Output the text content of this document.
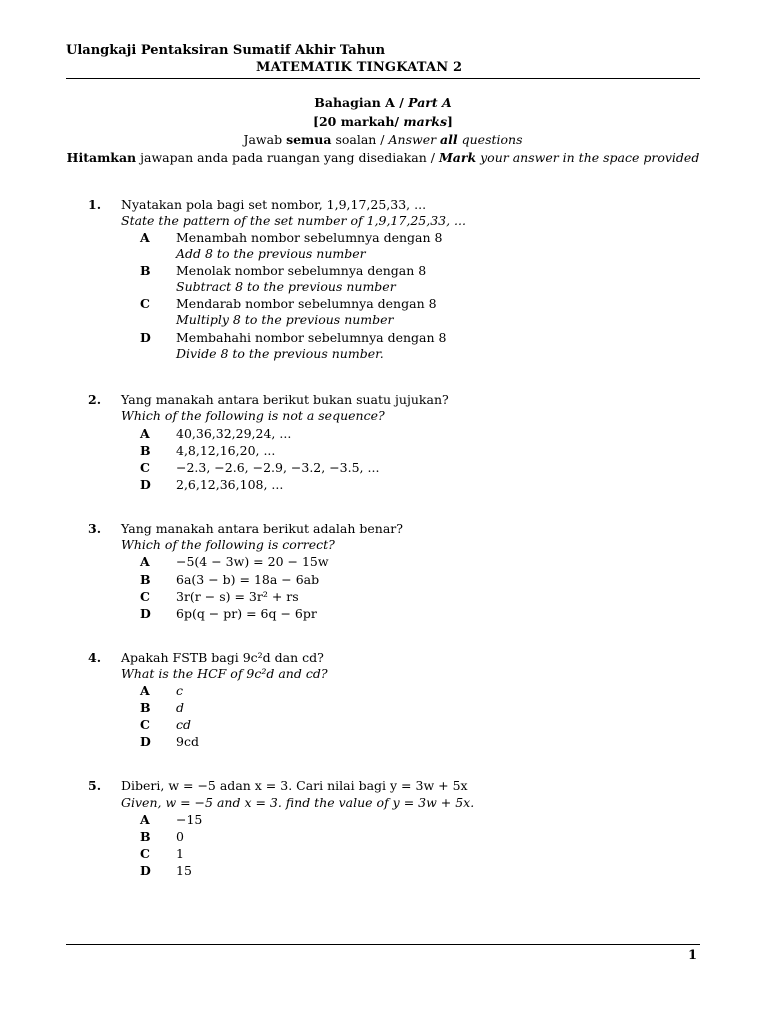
Ulangkaji Pentaksiran Sumatif Akhir Tahun
MATEMATIK TINGKATAN 2
Bahagian A / Part A
[20 markah/ marks]
Jawab semua soalan / Answer all questions
Hitamkan jawapan anda pada ruangan yang disediakan / Mark your answer in the space provided
1. Nyatakan pola bagi set nombor, 1,9,17,25,33, ...
State the pattern of the set number of 1,9,17,25,33, ...
A Menambah nombor sebelumnya dengan 8
Add 8 to the previous number
B Menolak nombor sebelumnya dengan 8
Subtract 8 to the previous number
C Mendarab nombor sebelumnya dengan 8
Multiply 8 to the previous number
D Membahahi nombor sebelumnya dengan 8
Divide 8 to the previous number.
2. Yang manakah antara berikut bukan suatu jujukan?
Which of the following is not a sequence?
A 40,36,32,29,24, ...
B 4,8,12,16,20, ...
C −2.3, −2.6, −2.9, −3.2, −3.5, ...
D 2,6,12,36,108, ...
3. Yang manakah antara berikut adalah benar?
Which of the following is correct?
A −5(4 − 3w) = 20 − 15w
B 6a(3 − b) = 18a − 6ab
C 3r(r − s) = 3r² + rs
D 6p(q − pr) = 6q − 6pr
4. Apakah FSTB bagi 9c²d dan cd?
What is the HCF of 9c²d and cd?
A c
B d
C cd
D 9cd
5. Diberi, w = −5 adan x = 3. Cari nilai bagi y = 3w + 5x
Given, w = −5 and x = 3. find the value of y = 3w + 5x.
A −15
B 0
C 1
D 15
1
